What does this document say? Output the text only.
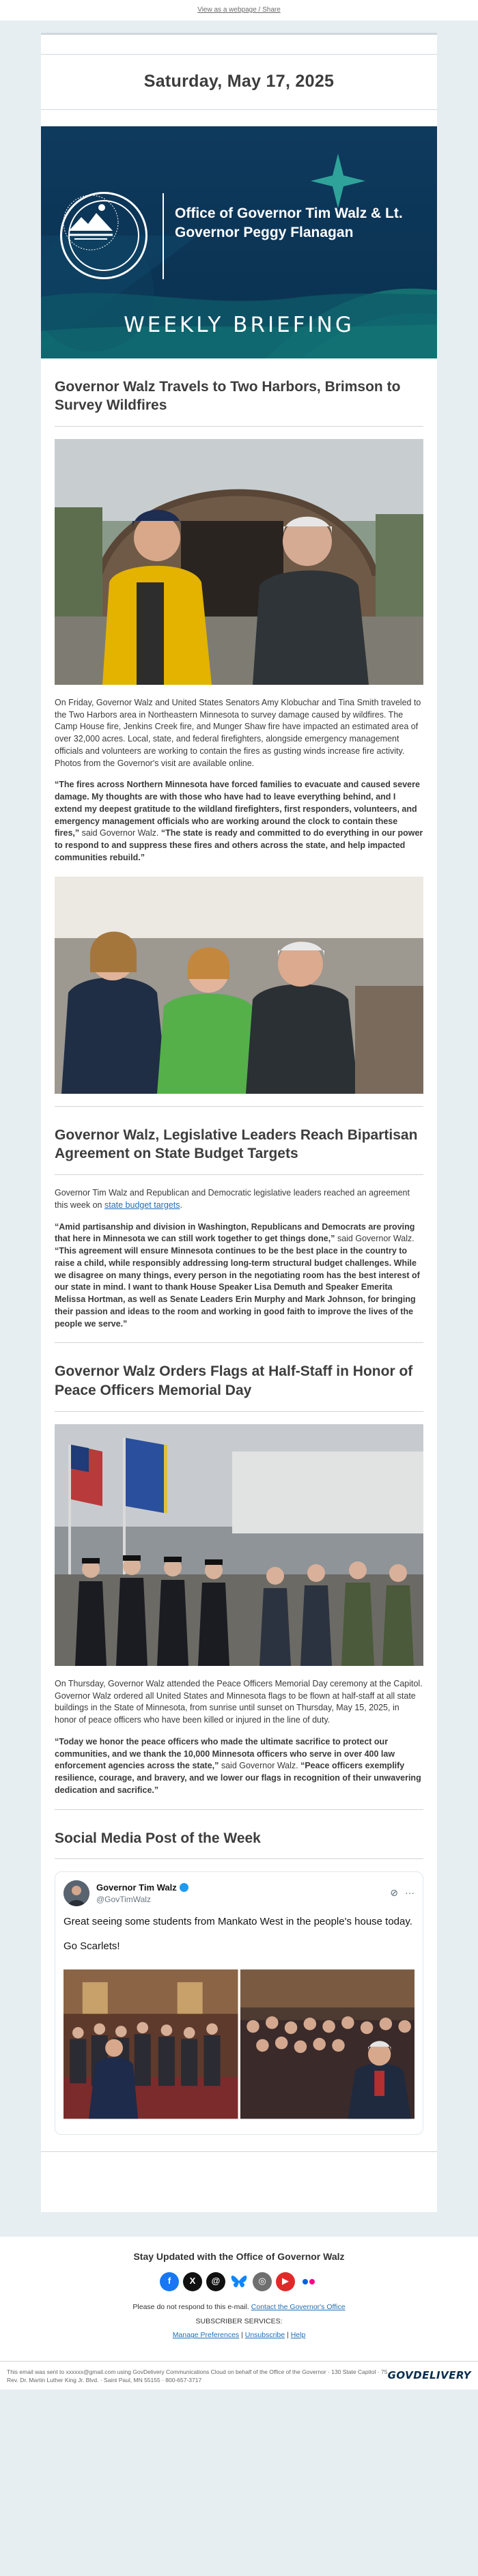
View as a webpage / Share
Saturday, May 17, 2025
Office of Governor Tim Walz & Lt. Governor Peggy Flanagan
WEEKLY BRIEFING
Governor Walz Travels to Two Harbors, Brimson to Survey Wildfires

On Friday, Governor Walz and United States Senators Amy Klobuchar and Tina Smith traveled to the Two Harbors area in Northeastern Minnesota to survey damage caused by wildfires. The Camp House fire, Jenkins Creek fire, and Munger Shaw fire have impacted an estimated area of over 32,000 acres. Local, state, and federal firefighters, alongside emergency management officials and volunteers are working to contain the fires as gusting winds increase fire activity. Photos from the Governor's visit are available online.

“The fires across Northern Minnesota have forced families to evacuate and caused severe damage. My thoughts are with those who have had to leave everything behind, and I extend my deepest gratitude to the wildland firefighters, first responders, volunteers, and emergency management officials who are working around the clock to contain these fires,” said Governor Walz. “The state is ready and committed to do everything in our power to respond to and suppress these fires and others across the state, and help impacted communities rebuild.”

Governor Walz, Legislative Leaders Reach Bipartisan Agreement on State Budget Targets

Governor Tim Walz and Republican and Democratic legislative leaders reached an agreement this week on state budget targets.

“Amid partisanship and division in Washington, Republicans and Democrats are proving that here in Minnesota we can still work together to get things done,” said Governor Walz. “This agreement will ensure Minnesota continues to be the best place in the country to raise a child, while responsibly addressing long-term structural budget challenges. While we disagree on many things, every person in the negotiating room has the best interest of our state in mind. I want to thank House Speaker Lisa Demuth and Speaker Emerita Melissa Hortman, as well as Senate Leaders Erin Murphy and Mark Johnson, for bringing their passion and ideas to the room and working in good faith to improve the lives of the people we serve.”

Governor Walz Orders Flags at Half-Staff in Honor of Peace Officers Memorial Day

On Thursday, Governor Walz attended the Peace Officers Memorial Day ceremony at the Capitol. Governor Walz ordered all United States and Minnesota flags to be flown at half-staff at all state buildings in the State of Minnesota, from sunrise until sunset on Thursday, May 15, 2025, in honor of peace officers who have been killed or injured in the line of duty.

“Today we honor the peace officers who made the ultimate sacrifice to protect our communities, and we thank the 10,000 Minnesota officers who serve in over 400 law enforcement agencies across the state,” said Governor Walz. “Peace officers exemplify resilience, courage, and bravery, and we lower our flags in recognition of their unwavering dedication and sacrifice.”

Social Media Post of the Week
Governor Tim Walz
@GovTimWalz
⊘ ···
Great seeing some students from Mankato West in the people's house today.
Go Scarlets!
Stay Updated with the Office of Governor Walz
f	X	@	◎	▶
Please do not respond to this e-mail. Contact the Governor's Office
SUBSCRIBER SERVICES:
Manage Preferences | Unsubscribe | Help
This email was sent to xxxxxx@gmail.com using GovDelivery Communications Cloud on behalf of the Office of the Governor · 130 State Capitol · 75 Rev. Dr. Martin Luther King Jr. Blvd. · Saint Paul, MN 55155 · 800-657-3717	GOVDELIVERY
